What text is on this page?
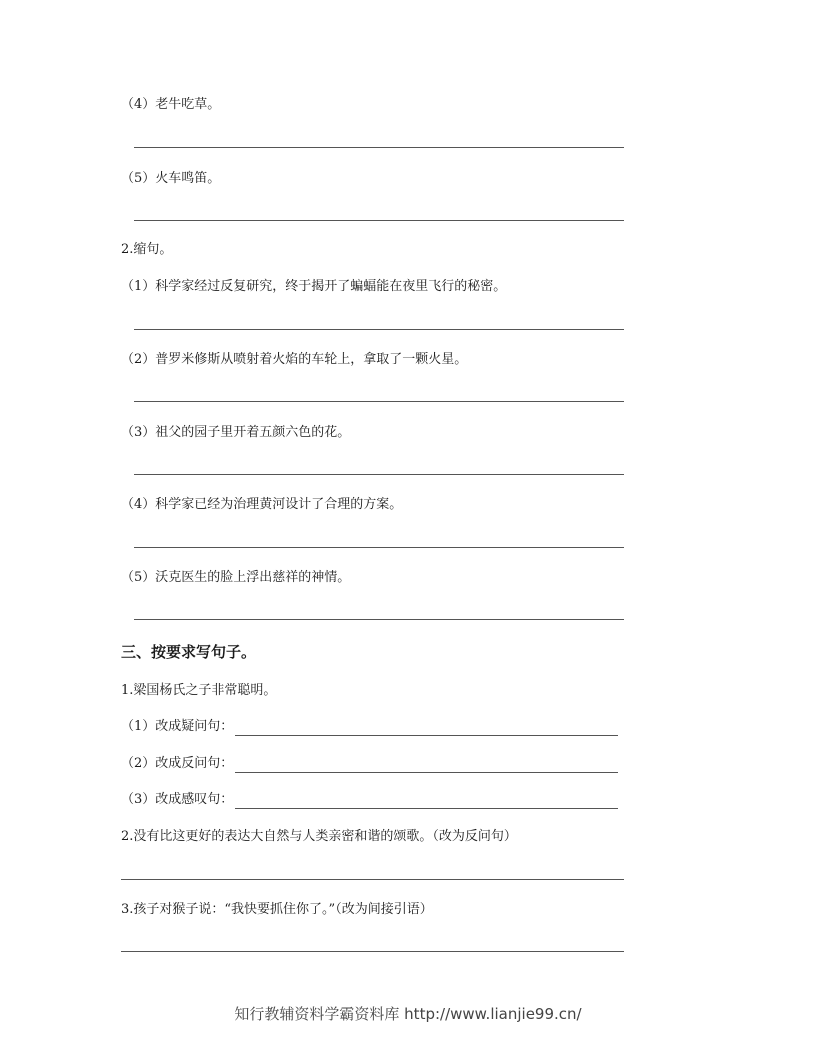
（4）老牛吃草。
（5）火车鸣笛。
2.缩句。
（1）科学家经过反复研究，终于揭开了蝙蝠能在夜里飞行的秘密。
（2）普罗米修斯从喷射着火焰的车轮上，拿取了一颗火星。
（3）祖父的园子里开着五颜六色的花。
（4）科学家已经为治理黄河设计了合理的方案。
（5）沃克医生的脸上浮出慈祥的神情。
三、按要求写句子。
1.梁国杨氏之子非常聪明。
（1）改成疑问句：
（2）改成反问句：
（3）改成感叹句：
2.没有比这更好的表达大自然与人类亲密和谐的颂歌。（改为反问句）
3.孩子对猴子说：“我快要抓住你了。”（改为间接引语）
知行教辅资料学霸资料库 http://www.lianjie99.cn/
